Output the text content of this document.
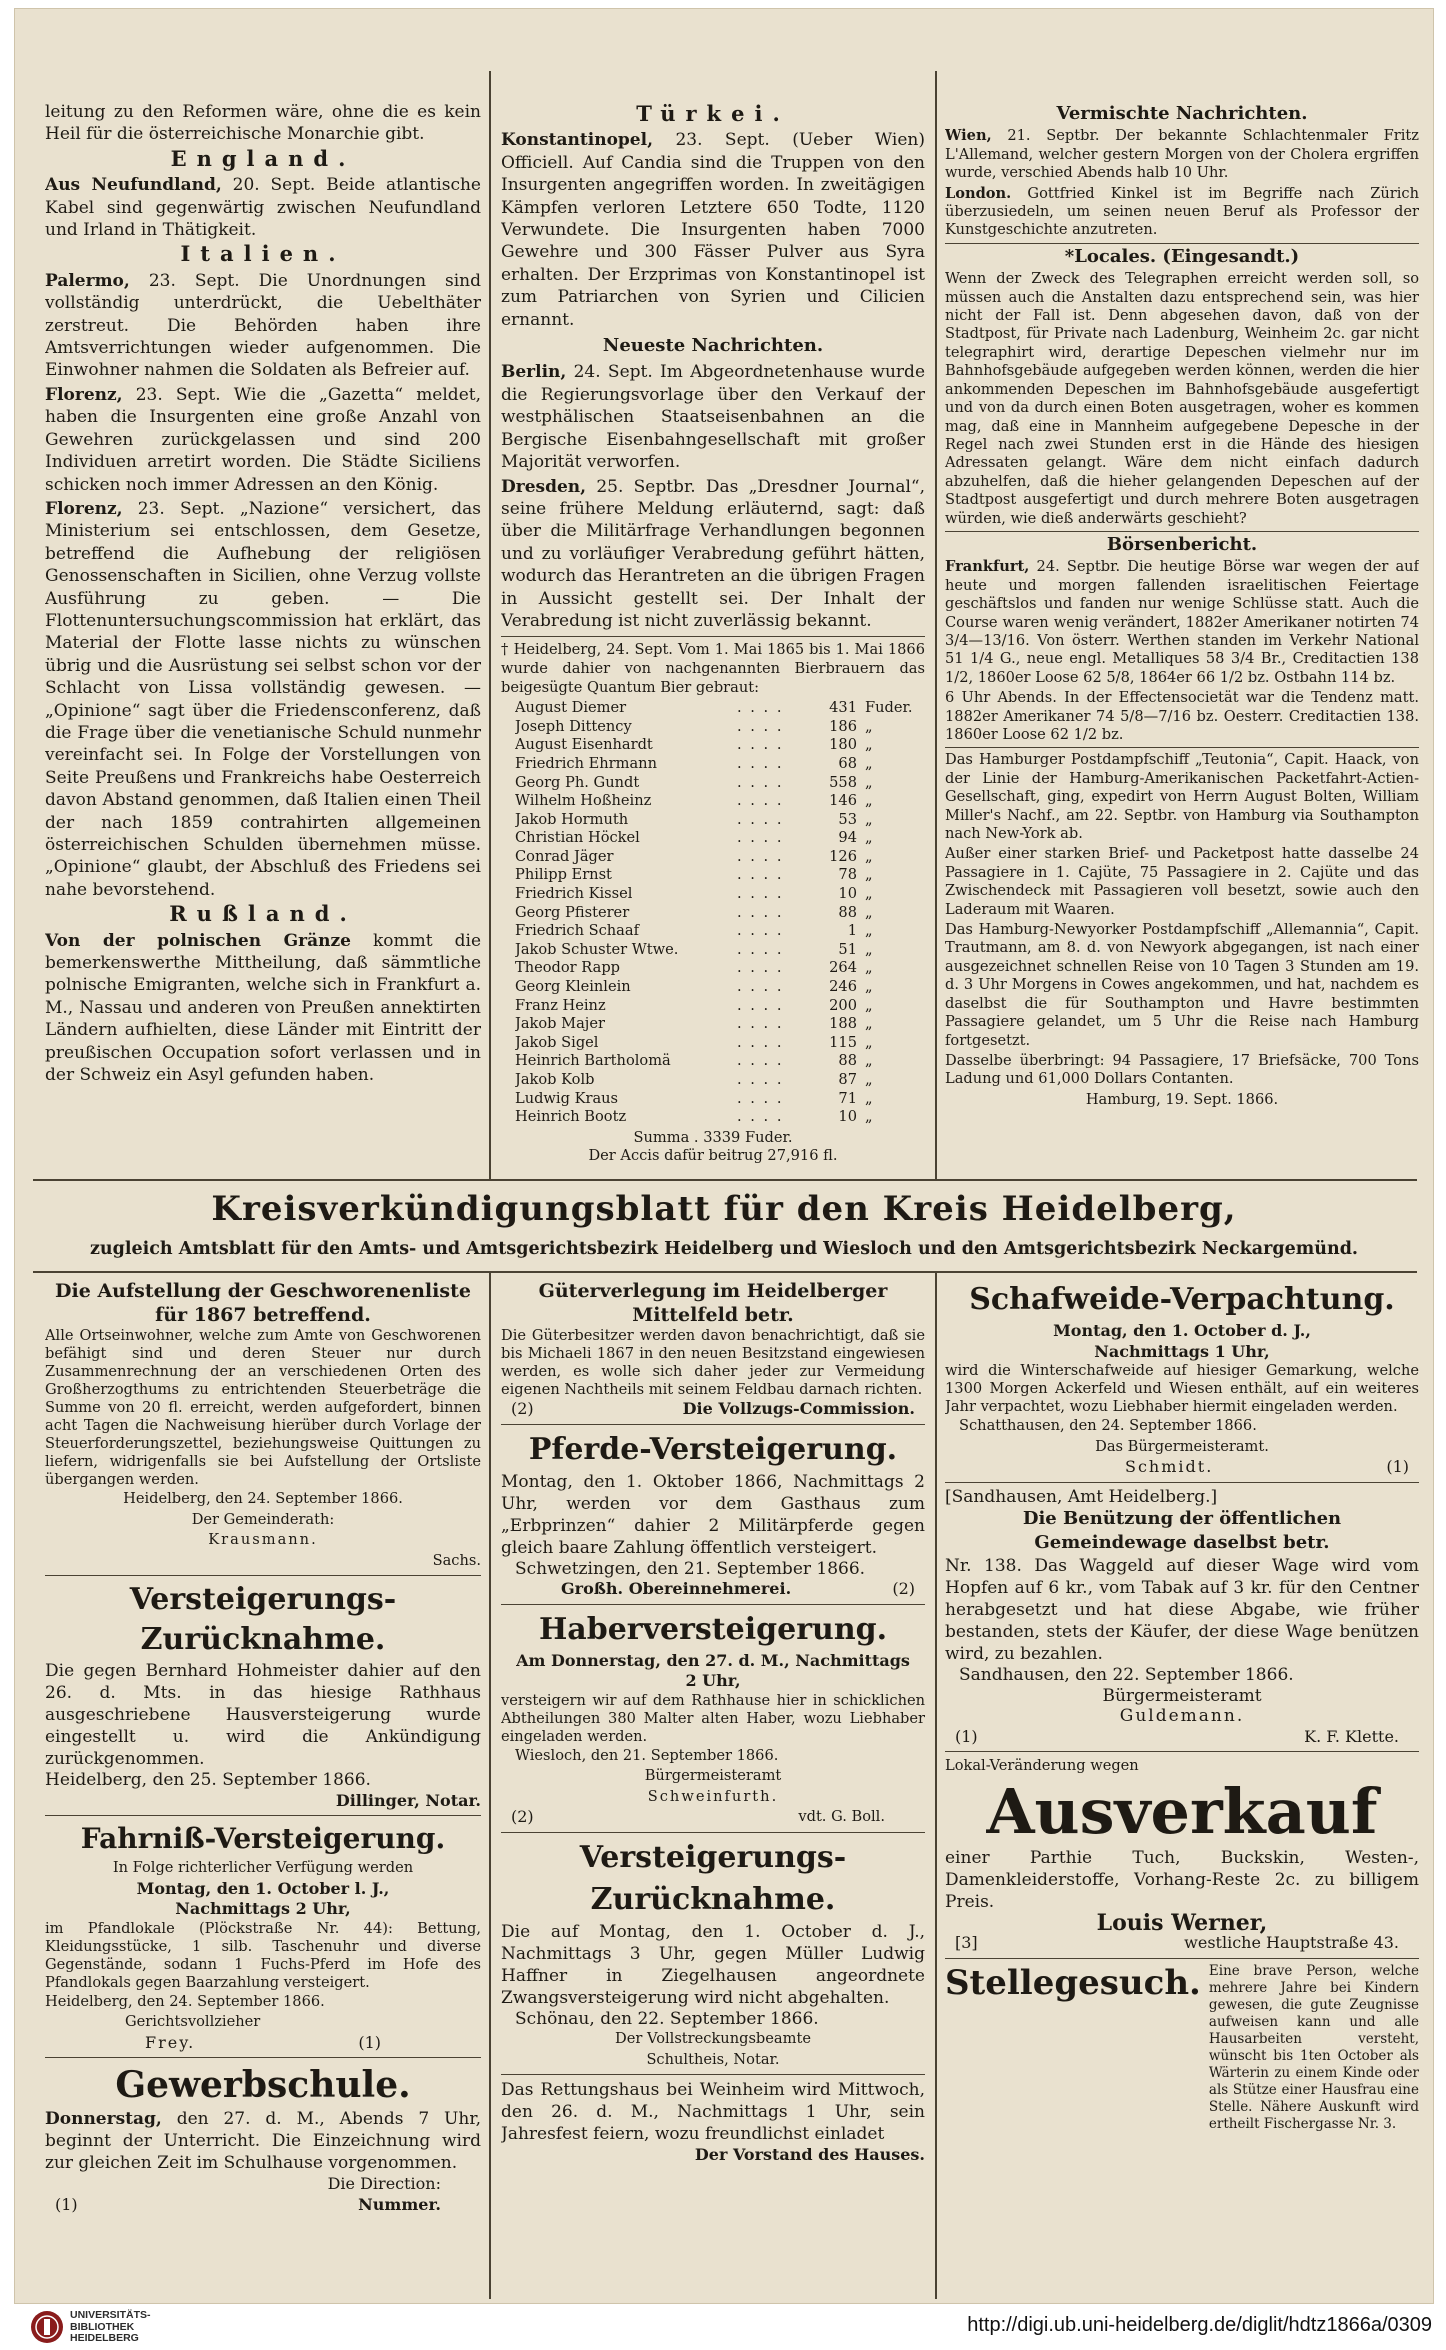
leitung zu den Reformen wäre, ohne die es kein Heil für die österreichische Monarchie gibt.

England.

Aus Neufundland, 20. Sept. Beide atlantische Kabel sind gegenwärtig zwischen Neufundland und Irland in Thätigkeit.

Italien.

Palermo, 23. Sept. Die Unordnungen sind vollständig unterdrückt, die Uebelthäter zerstreut. Die Behörden haben ihre Amtsverrichtungen wieder aufgenommen. Die Einwohner nahmen die Soldaten als Befreier auf.

Florenz, 23. Sept. Wie die „Gazetta“ meldet, haben die Insurgenten eine große Anzahl von Gewehren zurückgelassen und sind 200 Individuen arretirt worden. Die Städte Siciliens schicken noch immer Adressen an den König.

Florenz, 23. Sept. „Nazione“ versichert, das Ministerium sei entschlossen, dem Gesetze, betreffend die Aufhebung der religiösen Genossenschaften in Sicilien, ohne Verzug vollste Ausführung zu geben. — Die Flottenuntersuchungscommission hat erklärt, das Material der Flotte lasse nichts zu wünschen übrig und die Ausrüstung sei selbst schon vor der Schlacht von Lissa vollständig gewesen. — „Opinione“ sagt über die Friedensconferenz, daß die Frage über die venetianische Schuld nunmehr vereinfacht sei. In Folge der Vorstellungen von Seite Preußens und Frankreichs habe Oesterreich davon Abstand genommen, daß Italien einen Theil der nach 1859 contrahirten allgemeinen österreichischen Schulden übernehmen müsse. „Opinione“ glaubt, der Abschluß des Friedens sei nahe bevorstehend.

Rußland.

Von der polnischen Gränze kommt die bemerkenswerthe Mittheilung, daß sämmtliche polnische Emigranten, welche sich in Frankfurt a. M., Nassau und anderen von Preußen annektirten Ländern aufhielten, diese Länder mit Eintritt der preußischen Occupation sofort verlassen und in der Schweiz ein Asyl gefunden haben.

Türkei.

Konstantinopel, 23. Sept. (Ueber Wien) Officiell. Auf Candia sind die Truppen von den Insurgenten angegriffen worden. In zweitägigen Kämpfen verloren Letztere 650 Todte, 1120 Verwundete. Die Insurgenten haben 7000 Gewehre und 300 Fässer Pulver aus Syra erhalten. Der Erzprimas von Konstantinopel ist zum Patriarchen von Syrien und Cilicien ernannt.

Neueste Nachrichten.

Berlin, 24. Sept. Im Abgeordnetenhause wurde die Regierungsvorlage über den Verkauf der westphälischen Staatseisenbahnen an die Bergische Eisenbahngesellschaft mit großer Majorität verworfen.

Dresden, 25. Septbr. Das „Dresdner Journal“, seine frühere Meldung erläuternd, sagt: daß über die Militärfrage Verhandlungen begonnen und zu vorläufiger Verabredung geführt hätten, wodurch das Herantreten an die übrigen Fragen in Aussicht gestellt sei. Der Inhalt der Verabredung ist nicht zuverlässig bekannt.

† Heidelberg, 24. Sept. Vom 1. Mai 1865 bis 1. Mai 1866 wurde dahier von nachgenannten Bierbrauern das beigesügte Quantum Bier gebraut:

August Diemer	. . . .	431 Fuder.
Joseph Dittency	. . . .	186 „
August Eisenhardt	. . . .	180 „
Friedrich Ehrmann	. . . .	68 „
Georg Ph. Gundt	. . . .	558 „
Wilhelm Hoßheinz	. . . .	146 „
Jakob Hormuth	. . . .	53 „
Christian Höckel	. . . .	94 „
Conrad Jäger	. . . .	126 „
Philipp Ernst	. . . .	78 „
Friedrich Kissel	. . . .	10 „
Georg Pfisterer	. . . .	88 „
Friedrich Schaaf	. . . .	1 „
Jakob Schuster Wtwe.	. . . .	51 „
Theodor Rapp	. . . .	264 „
Georg Kleinlein	. . . .	246 „
Franz Heinz	. . . .	200 „
Jakob Majer	. . . .	188 „
Jakob Sigel	. . . .	115 „
Heinrich Bartholomä	. . . .	88 „
Jakob Kolb	. . . .	87 „
Ludwig Kraus	. . . .	71 „
Heinrich Bootz	. . . .	10 „
Summa . 3339 Fuder.
Der Accis dafür beitrug 27,916 fl.
Vermischte Nachrichten.

Wien, 21. Septbr. Der bekannte Schlachtenmaler Fritz L'Allemand, welcher gestern Morgen von der Cholera ergriffen wurde, verschied Abends halb 10 Uhr.

London. Gottfried Kinkel ist im Begriffe nach Zürich überzusiedeln, um seinen neuen Beruf als Professor der Kunstgeschichte anzutreten.

*Locales. (Eingesandt.)

Wenn der Zweck des Telegraphen erreicht werden soll, so müssen auch die Anstalten dazu entsprechend sein, was hier nicht der Fall ist. Denn abgesehen davon, daß von der Stadtpost, für Private nach Ladenburg, Weinheim 2c. gar nicht telegraphirt wird, derartige Depeschen vielmehr nur im Bahnhofsgebäude aufgegeben werden können, werden die hier ankommenden Depeschen im Bahnhofsgebäude ausgefertigt und von da durch einen Boten ausgetragen, woher es kommen mag, daß eine in Mannheim aufgegebene Depesche in der Regel nach zwei Stunden erst in die Hände des hiesigen Adressaten gelangt. Wäre dem nicht einfach dadurch abzuhelfen, daß die hieher gelangenden Depeschen auf der Stadtpost ausgefertigt und durch mehrere Boten ausgetragen würden, wie dieß anderwärts geschieht?

Börsenbericht.

Frankfurt, 24. Septbr. Die heutige Börse war wegen der auf heute und morgen fallenden israelitischen Feiertage geschäftslos und fanden nur wenige Schlüsse statt. Auch die Course waren wenig verändert, 1882er Amerikaner notirten 74 3/4—13/16. Von österr. Werthen standen im Verkehr National 51 1/4 G., neue engl. Metalliques 58 3/4 Br., Creditactien 138 1/2, 1860er Loose 62 5/8, 1864er 66 1/2 bz. Ostbahn 114 bz.

6 Uhr Abends. In der Effectensocietät war die Tendenz matt. 1882er Amerikaner 74 5/8—7/16 bz. Oesterr. Creditactien 138. 1860er Loose 62 1/2 bz.

Das Hamburger Postdampfschiff „Teutonia“, Capit. Haack, von der Linie der Hamburg-Amerikanischen Packetfahrt-Actien-Gesellschaft, ging, expedirt von Herrn August Bolten, William Miller's Nachf., am 22. Septbr. von Hamburg via Southampton nach New-York ab.

Außer einer starken Brief- und Packetpost hatte dasselbe 24 Passagiere in 1. Cajüte, 75 Passagiere in 2. Cajüte und das Zwischendeck mit Passagieren voll besetzt, sowie auch den Laderaum mit Waaren.

Das Hamburg-Newyorker Postdampfschiff „Allemannia“, Capit. Trautmann, am 8. d. von Newyork abgegangen, ist nach einer ausgezeichnet schnellen Reise von 10 Tagen 3 Stunden am 19. d. 3 Uhr Morgens in Cowes angekommen, und hat, nachdem es daselbst die für Southampton und Havre bestimmten Passagiere gelandet, um 5 Uhr die Reise nach Hamburg fortgesetzt.

Dasselbe überbringt: 94 Passagiere, 17 Briefsäcke, 700 Tons Ladung und 61,000 Dollars Contanten.

Hamburg, 19. Sept. 1866.

Kreisverkündigungsblatt für den Kreis Heidelberg,
zugleich Amtsblatt für den Amts- und Amtsgerichtsbezirk Heidelberg und Wiesloch und den Amtsgerichtsbezirk Neckargemünd.
Die Aufstellung der Geschworenenliste für 1867 betreffend.

Alle Ortseinwohner, welche zum Amte von Geschworenen befähigt sind und deren Steuer nur durch Zusammenrechnung der an verschiedenen Orten des Großherzogthums zu entrichtenden Steuerbeträge die Summe von 20 fl. erreicht, werden aufgefordert, binnen acht Tagen die Nachweisung hierüber durch Vorlage der Steuerforderungszettel, beziehungsweise Quittungen zu liefern, widrigenfalls sie bei Aufstellung der Ortsliste übergangen werden.

Heidelberg, den 24. September 1866.

Der Gemeinderath:

Krausmann.

Sachs.

Versteigerungs-Zurücknahme.

Die gegen Bernhard Hohmeister dahier auf den 26. d. Mts. in das hiesige Rathhaus ausgeschriebene Hausversteigerung wurde eingestellt u. wird die Ankündigung zurückgenommen.

Heidelberg, den 25. September 1866.

Dillinger, Notar.

Fahrniß-Versteigerung.

In Folge richterlicher Verfügung werden

Montag, den 1. October l. J.,

Nachmittags 2 Uhr,

im Pfandlokale (Plöckstraße Nr. 44): Bettung, Kleidungsstücke, 1 silb. Taschenuhr und diverse Gegenstände, sodann 1 Fuchs-Pferd im Hofe des Pfandlokals gegen Baarzahlung versteigert.

Heidelberg, den 24. September 1866.

Gerichtsvollzieher

Frey.	(1)
Gewerbschule.

Donnerstag, den 27. d. M., Abends 7 Uhr, beginnt der Unterricht. Die Einzeichnung wird zur gleichen Zeit im Schulhause vorgenommen.

Die Direction:

(1)	Nummer.
Güterverlegung im Heidelberger Mittelfeld betr.

Die Güterbesitzer werden davon benachrichtigt, daß sie bis Michaeli 1867 in den neuen Besitzstand eingewiesen werden, es wolle sich daher jeder zur Vermeidung eigenen Nachtheils mit seinem Feldbau darnach richten.

(2)	Die Vollzugs-Commission.
Pferde-Versteigerung.

Montag, den 1. Oktober 1866, Nachmittags 2 Uhr, werden vor dem Gasthaus zum „Erbprinzen“ dahier 2 Militärpferde gegen gleich baare Zahlung öffentlich versteigert.

Schwetzingen, den 21. September 1866.

Großh. Obereinnehmerei.	(2)
Haberversteigerung.

Am Donnerstag, den 27. d. M., Nachmittags

2 Uhr,

versteigern wir auf dem Rathhause hier in schicklichen Abtheilungen 380 Malter alten Haber, wozu Liebhaber eingeladen werden.

Wiesloch, den 21. September 1866.

Bürgermeisteramt

Schweinfurth.

(2)	vdt. G. Boll.
Versteigerungs-Zurücknahme.

Die auf Montag, den 1. October d. J., Nachmittags 3 Uhr, gegen Müller Ludwig Haffner in Ziegelhausen angeordnete Zwangsversteigerung wird nicht abgehalten.

Schönau, den 22. September 1866.

Der Vollstreckungsbeamte

Schultheis, Notar.

Das Rettungshaus bei Weinheim wird Mittwoch, den 26. d. M., Nachmittags 1 Uhr, sein Jahresfest feiern, wozu freundlichst einladet

Der Vorstand des Hauses.

Schafweide-Verpachtung.

Montag, den 1. October d. J.,

Nachmittags 1 Uhr,

wird die Winterschafweide auf hiesiger Gemarkung, welche 1300 Morgen Ackerfeld und Wiesen enthält, auf ein weiteres Jahr verpachtet, wozu Liebhaber hiermit eingeladen werden.

Schatthausen, den 24. September 1866.

Das Bürgermeisteramt.

Schmidt.	(1)

[Sandhausen, Amt Heidelberg.]

Die Benützung der öffentlichen Gemeindewage daselbst betr.

Nr. 138. Das Waggeld auf dieser Wage wird vom Hopfen auf 6 kr., vom Tabak auf 3 kr. für den Centner herabgesetzt und hat diese Abgabe, wie früher bestanden, stets der Käufer, der diese Wage benützen wird, zu bezahlen.

Sandhausen, den 22. September 1866.

Bürgermeisteramt

Guldemann.

(1)	K. F. Klette.

Lokal-Veränderung wegen

Ausverkauf

einer Parthie Tuch, Buckskin, Westen-, Damenkleiderstoffe, Vorhang-Reste 2c. zu billigem Preis.

Louis Werner,

[3]	westliche Hauptstraße 43.
Stellegesuch. Eine brave Person, welche mehrere Jahre bei Kindern gewesen, die gute Zeugnisse aufweisen kann und alle Hausarbeiten versteht, wünscht bis 1ten October als Wärterin zu einem Kinde oder als Stütze einer Hausfrau eine Stelle. Nähere Auskunft wird ertheilt Fischergasse Nr. 3.
UNIVERSITÄTS-
BIBLIOTHEK
HEIDELBERG
http://digi.ub.uni-heidelberg.de/diglit/hdtz1866a/0309
